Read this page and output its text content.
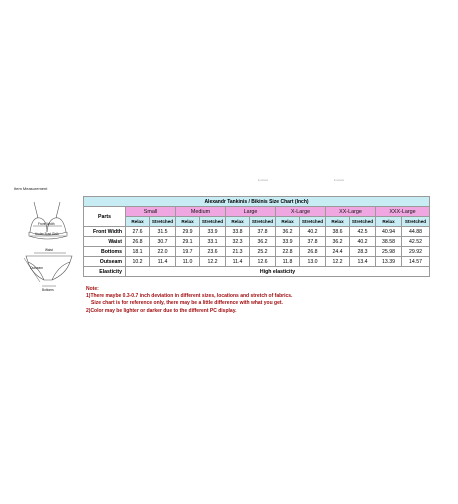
Item Measurement
k-xxxxx	k-xxxxx
Front Width
Under Bust Girth
Waist
Outseam
Bottoms
Alexandr Tankinis / Bikinis Size Chart (Inch)												
Parts	Small		Medium		Large		X-Large		XX-Large		XXX-Large	
	Relax	Stretched	Relax	Stretched	Relax	Stretched	Relax	Stretched	Relax	Stretched	Relax	Stretched
Front Width	27.6	31.5	29.9	33.9	33.8	37.8	36.2	40.2	38.6	42.5	40.94	44.88
Waist	26.8	30.7	29.1	33.1	32.3	36.2	33.9	37.8	36.2	40.2	38.58	42.52
Bottoms	18.1	22.0	19.7	23.6	21.3	25.2	22.8	26.8	24.4	28.3	25.98	29.92
Outseam	10.2	11.4	11.0	12.2	11.4	12.6	11.8	13.0	12.2	13.4	13.39	14.57
Elasticity	High elasticity											
Note:
1)There maybe 0.3-0.7 inch deviation in different sizes, locations and stretch of fabrics.
Size chart is for reference only, there may be a little difference with what you get.
2)Color may be lighter or darker due to the different PC display.
